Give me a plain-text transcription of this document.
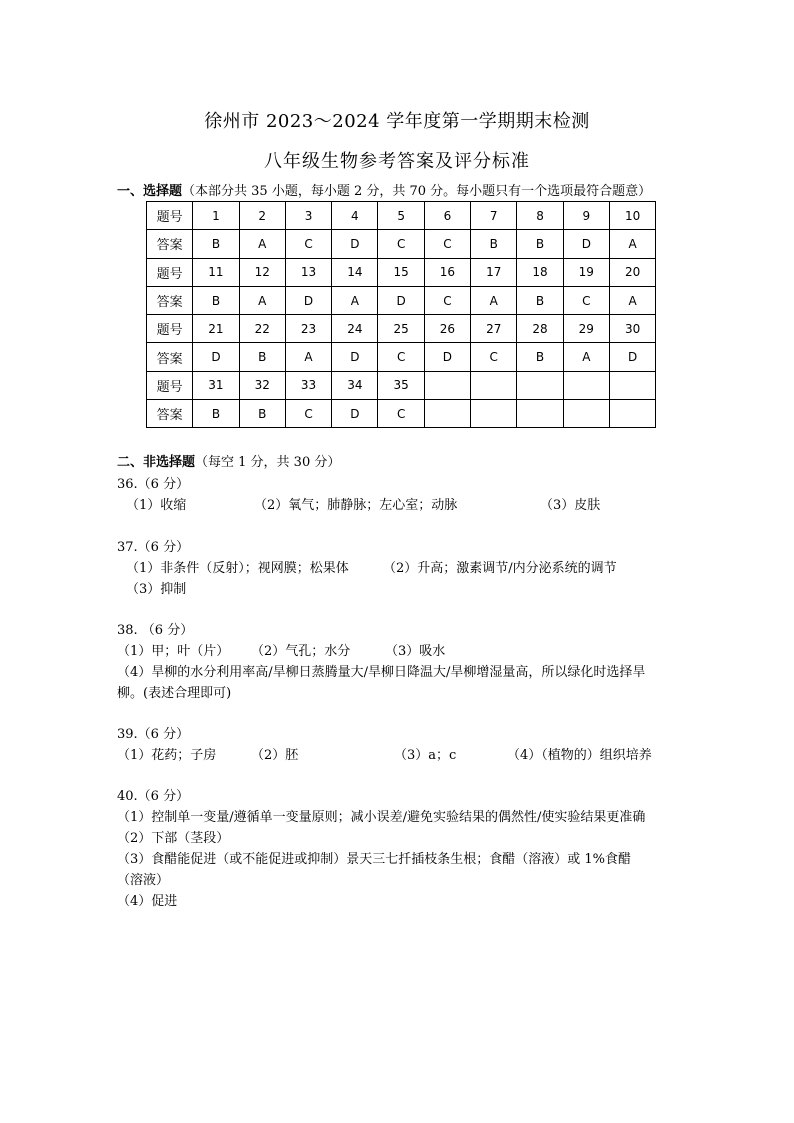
徐州市 2023～2024 学年度第一学期期末检测
八年级生物参考答案及评分标准
一、选择题（本部分共 35 小题，每小题 2 分，共 70 分。每小题只有一个选项最符合题意）
题号	1	2	3	4	5	6	7	8	9	10
答案	B	A	C	D	C	C	B	B	D	A
题号	11	12	13	14	15	16	17	18	19	20
答案	B	A	D	A	D	C	A	B	C	A
题号	21	22	23	24	25	26	27	28	29	30
答案	D	B	A	D	C	D	C	B	A	D
题号	31	32	33	34	35					
答案	B	B	C	D	C					
二、非选择题（每空 1 分，共 30 分）
36.（6 分）
（1）收缩	（2）氧气；肺静脉；左心室；动脉	（3）皮肤
37.（6 分）
（1）非条件（反射）；视网膜；松果体	（2）升高；激素调节/内分泌系统的调节
（3）抑制
38. （6 分）
（1）甲；叶（片） （2）气孔；水分	（3）吸水
（4）旱柳的水分利用率高/旱柳日蒸腾量大/旱柳日降温大/旱柳增湿量高，所以绿化时选择旱
柳。(表述合理即可)
39.（6 分）
（1）花药；子房	（2）胚	（3）a；c	（4）（植物的）组织培养
40.（6 分）
（1）控制单一变量/遵循单一变量原则；减小误差/避免实验结果的偶然性/使实验结果更准确
（2）下部（茎段）
（3）食醋能促进（或不能促进或抑制）景天三七扦插枝条生根；食醋（溶液）或 1%食醋
（溶液）
（4）促进
